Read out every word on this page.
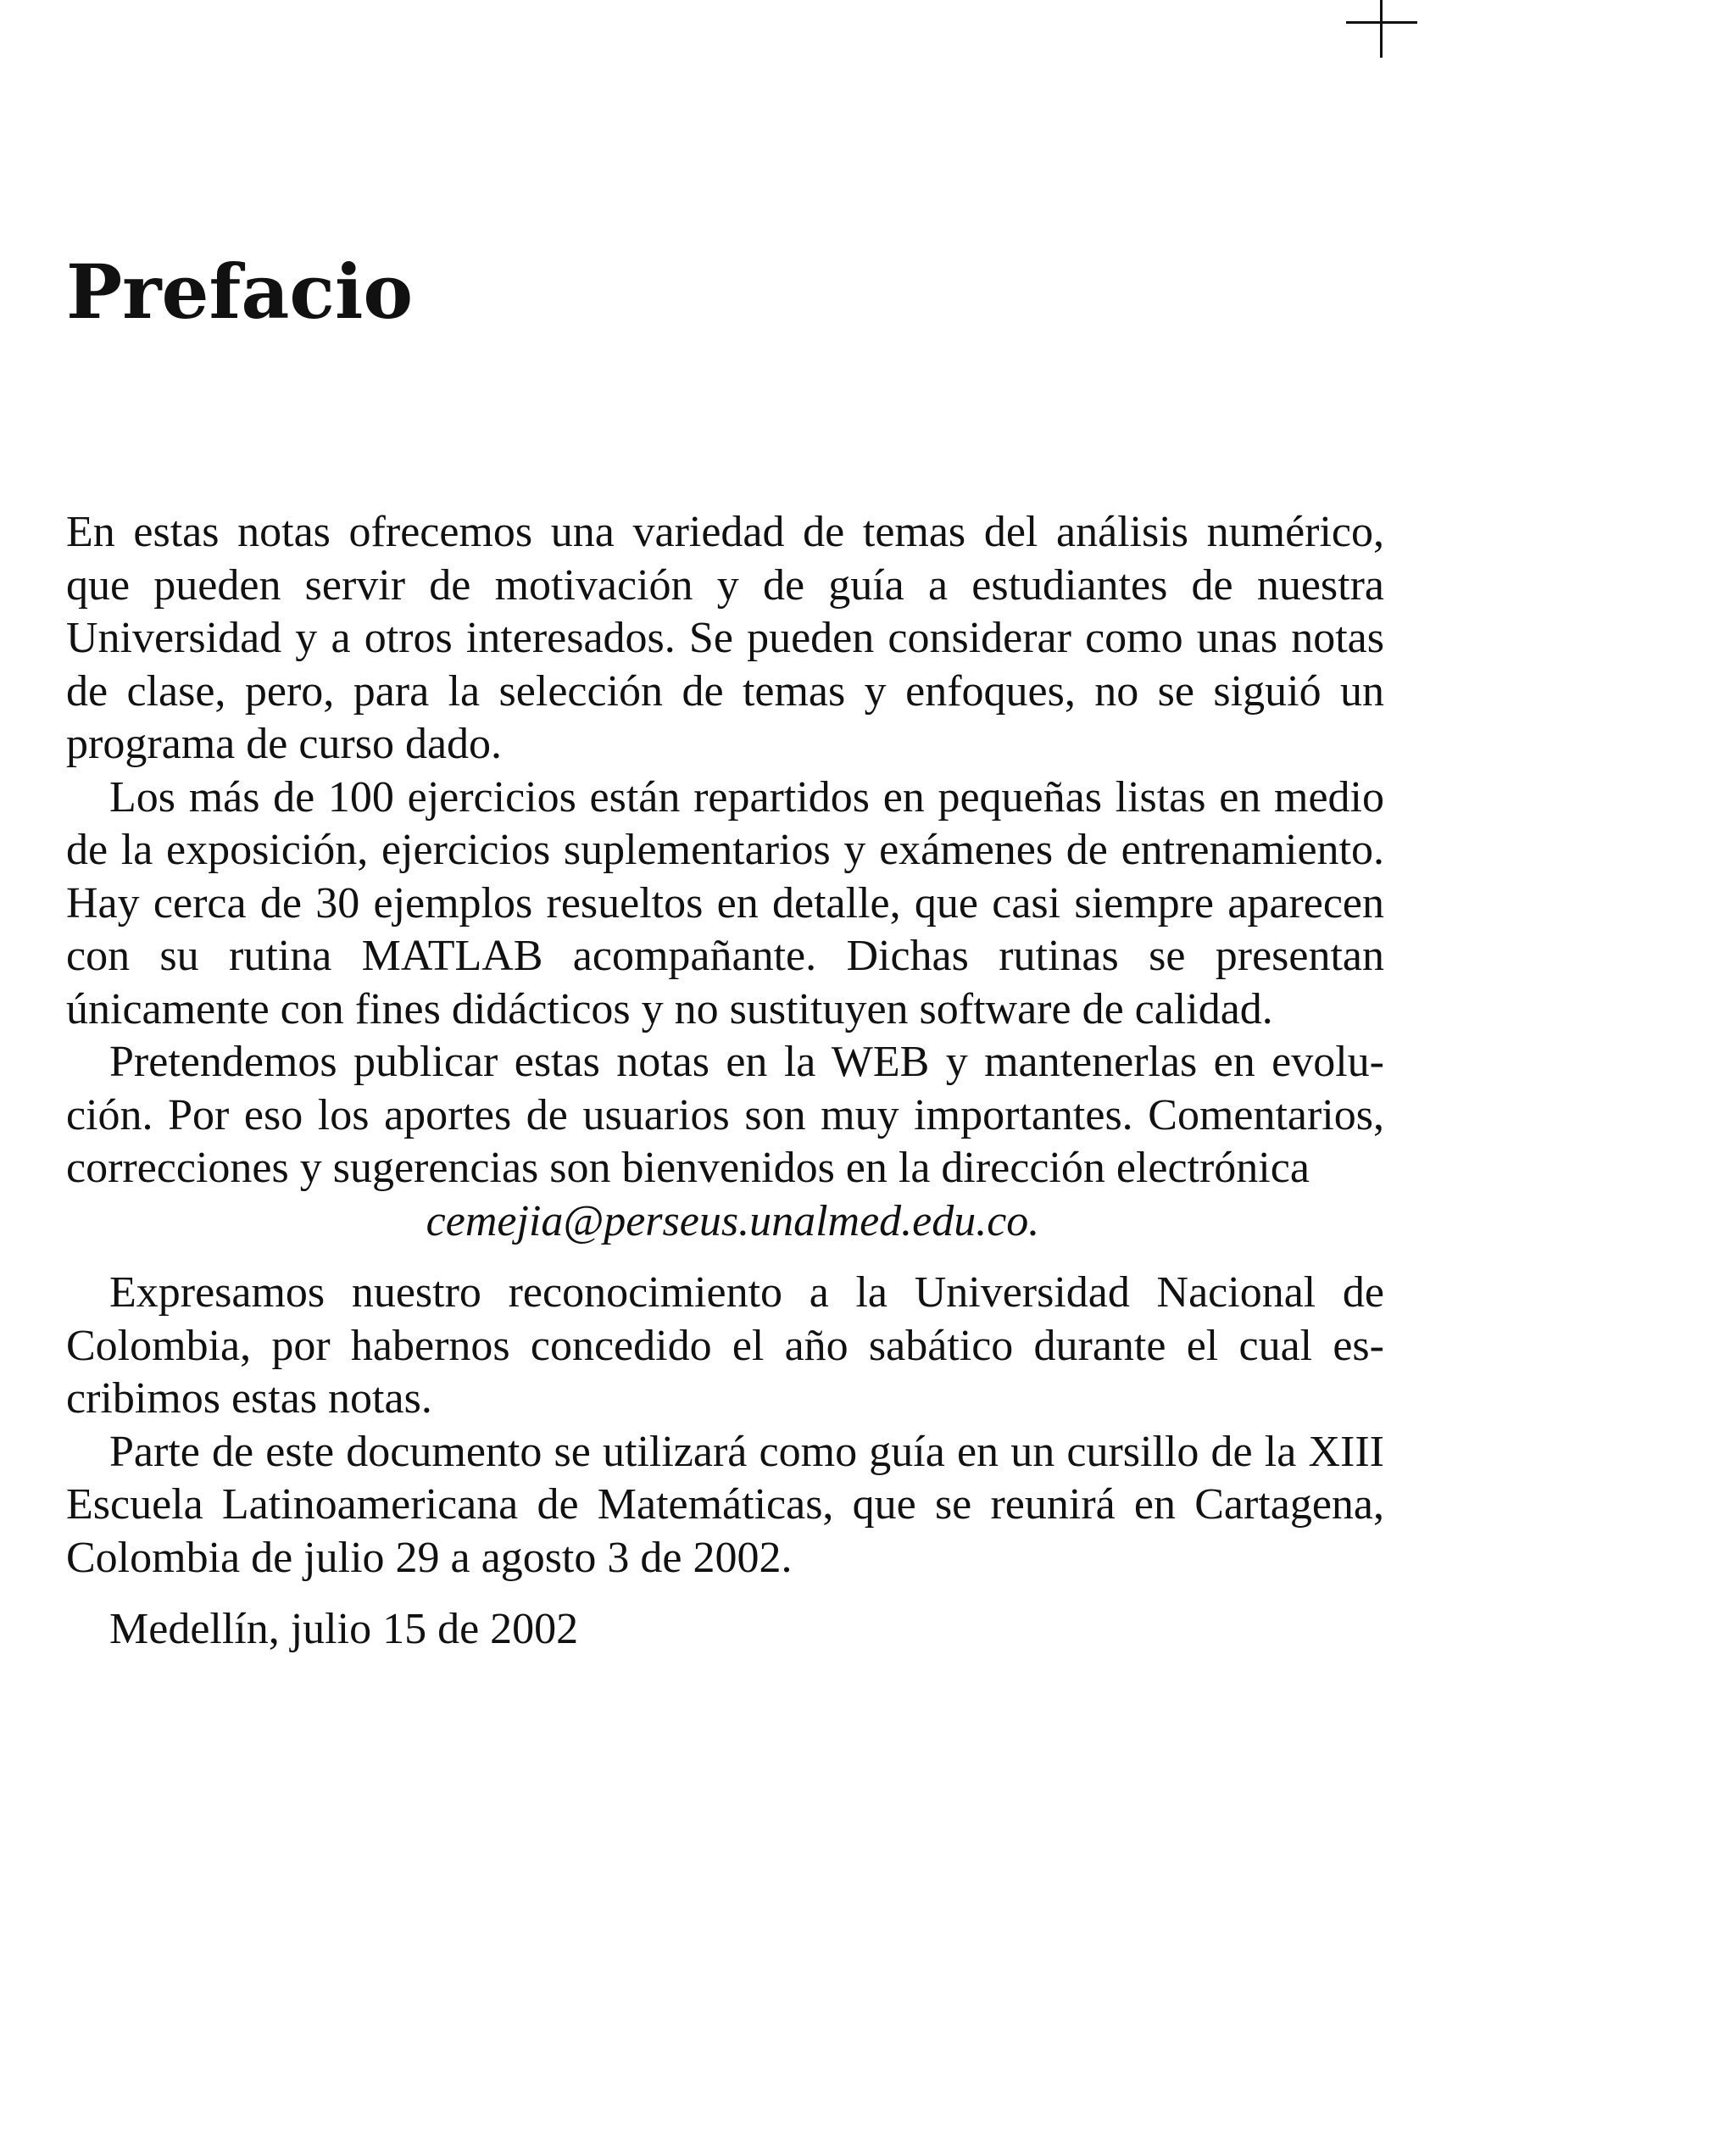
Prefacio

En estas notas ofrecemos una variedad de temas del análisis numérico, que pueden servir de motivación y de guía a estudiantes de nuestra Universidad y a otros interesados. Se pueden considerar como unas notas de clase, pero, para la selección de temas y enfoques, no se siguió un programa de curso dado.

Los más de 100 ejercicios están repartidos en pequeñas listas en medio de la exposición, ejercicios suplementarios y exámenes de entrenamiento. Hay cerca de 30 ejemplos resueltos en detalle, que casi siempre aparecen con su rutina MATLAB acompañante. Dichas rutinas se presentan únicamente con fines didácticos y no sustituyen software de calidad.

Pretendemos publicar estas notas en la WEB y mantenerlas en evolución. Por eso los aportes de usuarios son muy importantes. Comentarios, correcciones y sugerencias son bienvenidos en la dirección electrónica

cemejia@perseus.unalmed.edu.co.

Expresamos nuestro reconocimiento a la Universidad Nacional de Colombia, por habernos concedido el año sabático durante el cual escribimos estas notas.

Parte de este documento se utilizará como guía en un cursillo de la XIII Escuela Latinoamericana de Matemáticas, que se reunirá en Cartagena, Colombia de julio 29 a agosto 3 de 2002.

Medellín, julio 15 de 2002
